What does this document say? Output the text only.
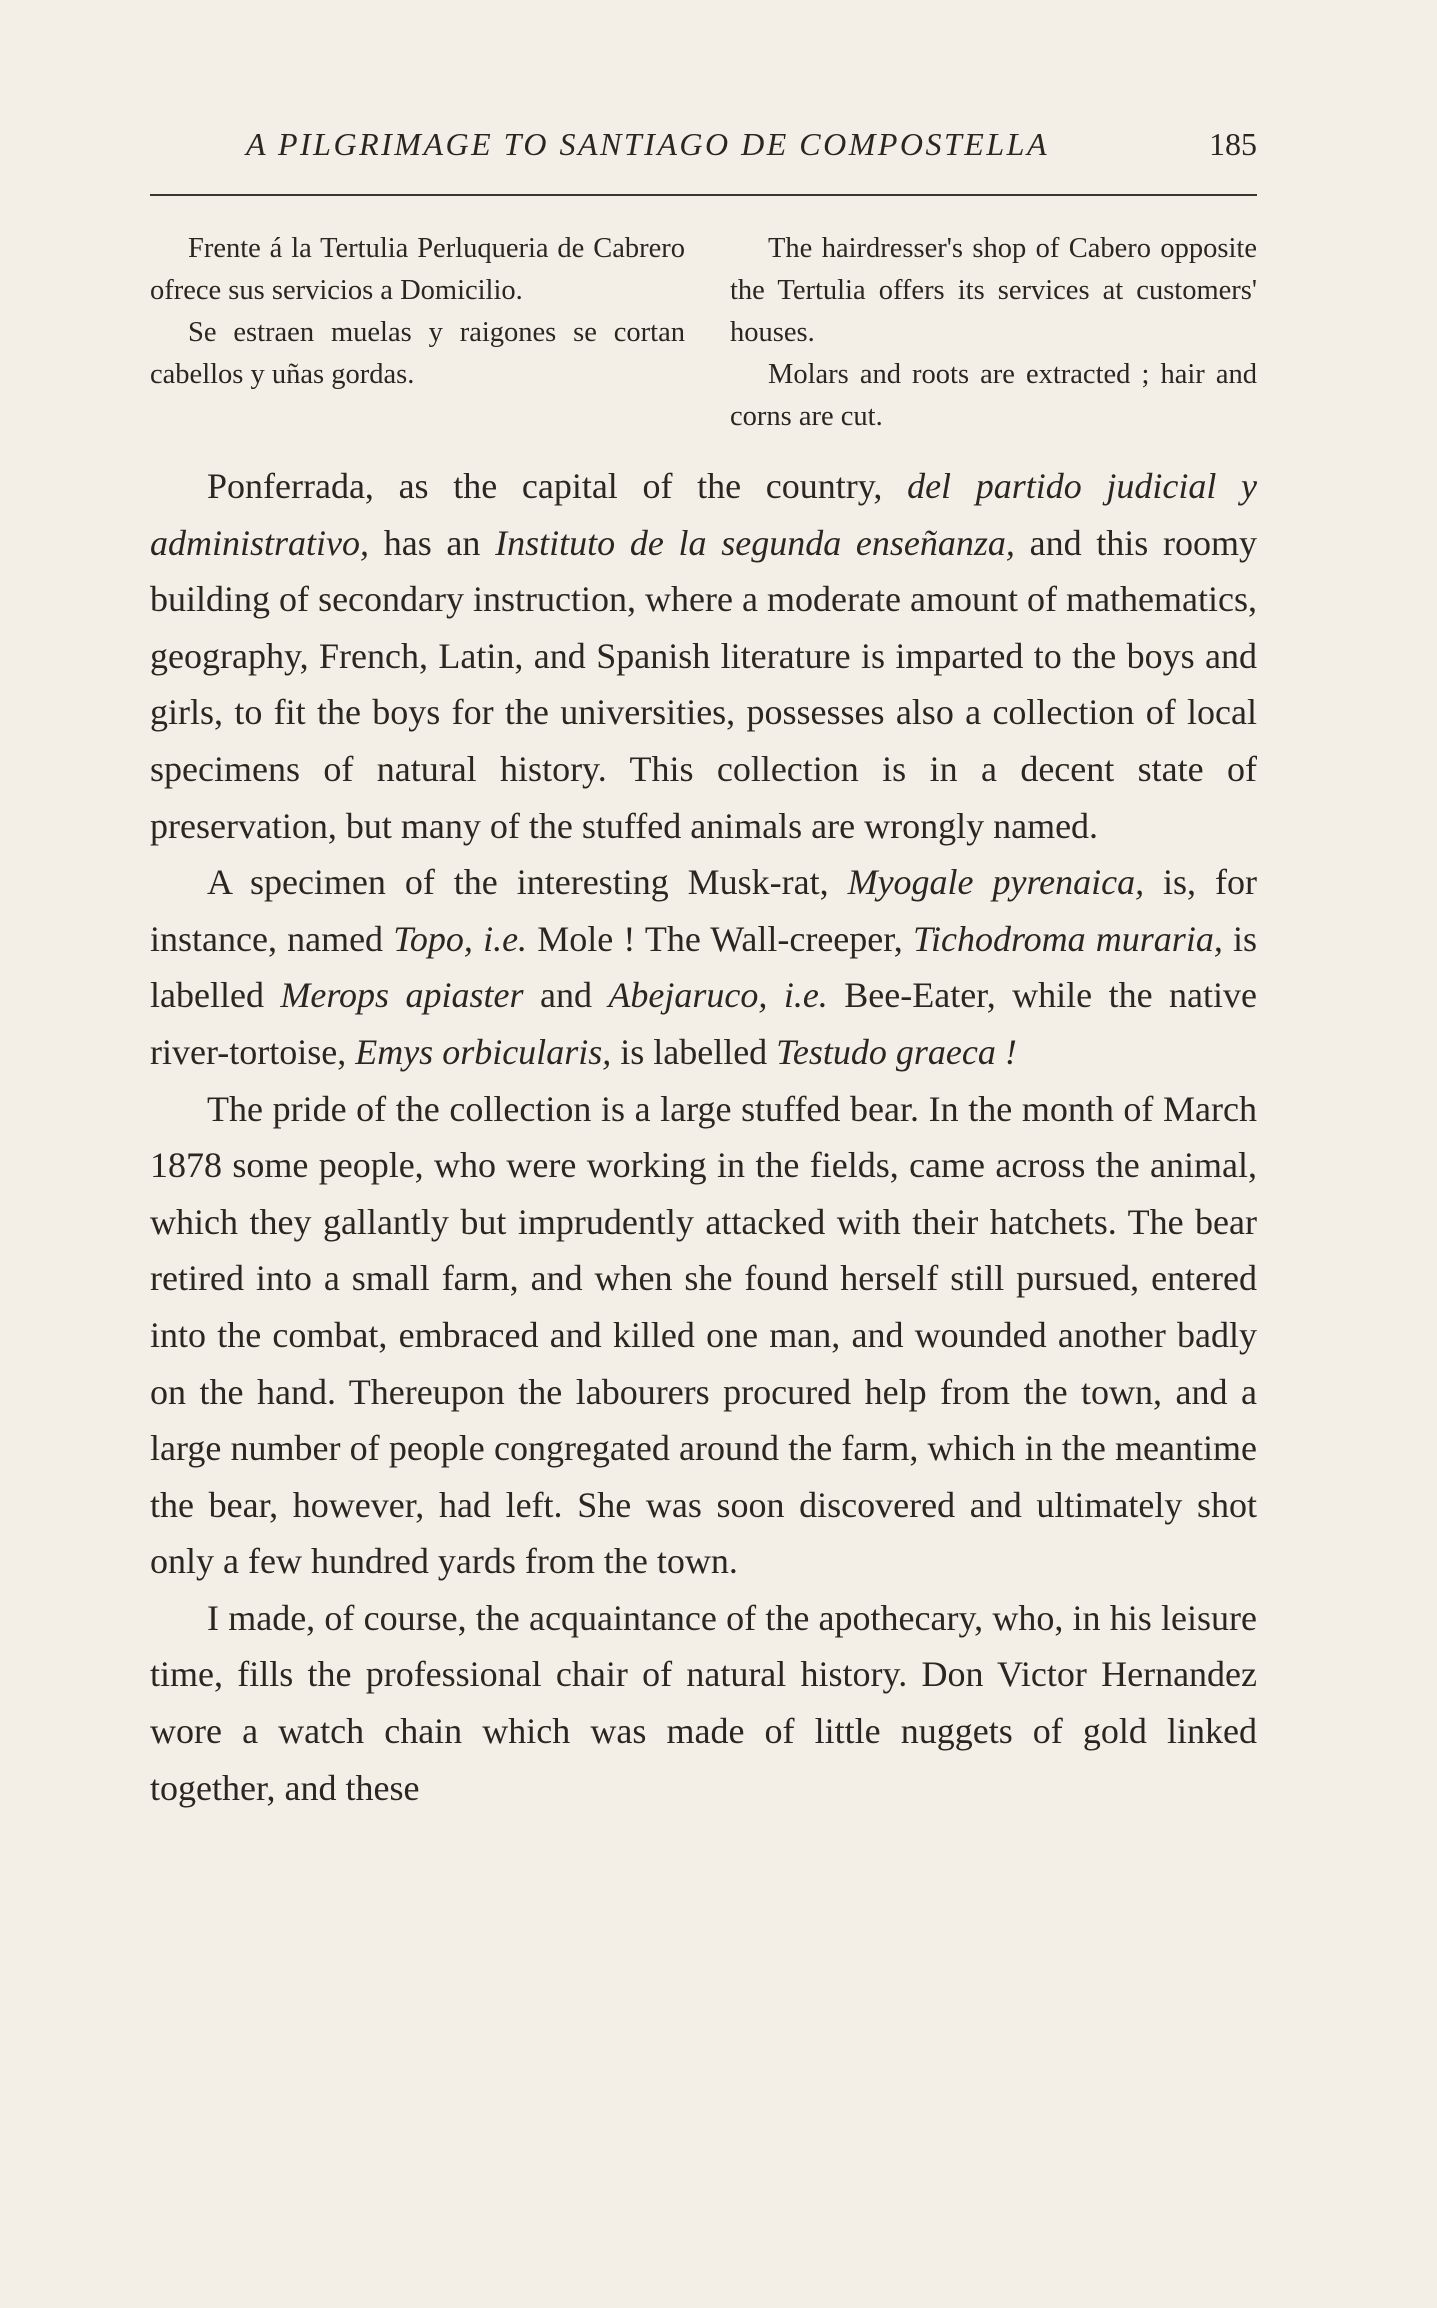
A PILGRIMAGE TO SANTIAGO DE COMPOSTELLA	185

Frente á la Tertulia Perluqueria de Cabrero ofrece sus servicios a Domicilio.

Se estraen muelas y raigones se cortan cabellos y uñas gordas.

The hairdresser's shop of Cabero opposite the Tertulia offers its services at customers' houses.

Molars and roots are extracted ; hair and corns are cut.

Ponferrada, as the capital of the country, del partido judicial y administrativo, has an Instituto de la segunda enseñanza, and this roomy building of secondary instruction, where a moderate amount of mathematics, geography, French, Latin, and Spanish literature is imparted to the boys and girls, to fit the boys for the universities, possesses also a collection of local specimens of natural history. This collection is in a decent state of preservation, but many of the stuffed animals are wrongly named.

A specimen of the interesting Musk-rat, Myogale pyrenaica, is, for instance, named Topo, i.e. Mole ! The Wall-creeper, Tichodroma muraria, is labelled Merops apiaster and Abejaruco, i.e. Bee-Eater, while the native river-tortoise, Emys orbicularis, is labelled Testudo graeca !

The pride of the collection is a large stuffed bear. In the month of March 1878 some people, who were working in the fields, came across the animal, which they gallantly but imprudently attacked with their hatchets. The bear retired into a small farm, and when she found herself still pursued, entered into the combat, embraced and killed one man, and wounded another badly on the hand. Thereupon the labourers procured help from the town, and a large number of people congregated around the farm, which in the meantime the bear, however, had left. She was soon discovered and ultimately shot only a few hundred yards from the town.

I made, of course, the acquaintance of the apothecary, who, in his leisure time, fills the professional chair of natural history. Don Victor Hernandez wore a watch chain which was made of little nuggets of gold linked together, and these
